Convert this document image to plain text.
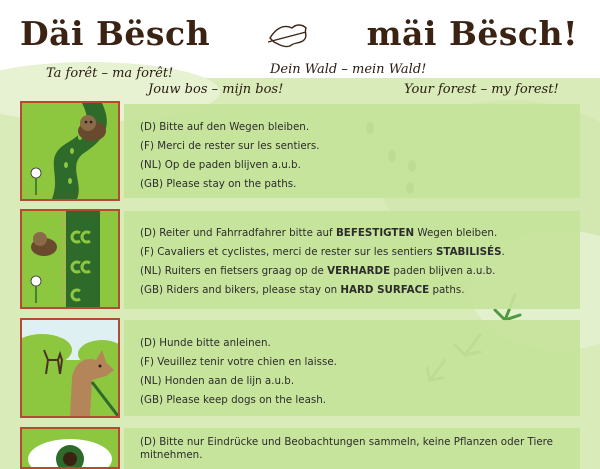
Däi Bësch	mäi Bësch!
Ta forêt – ma forêt!	Dein Wald – mein Wald!
Jouw bos – mijn bos!	Your forest – my forest!
(D) Bitte auf den Wegen bleiben.
(F) Merci de rester sur les sentiers.
(NL) Op de paden blijven a.u.b.
(GB) Please stay on the paths.
(D) Reiter und Fahrradfahrer bitte auf BEFESTIGTEN Wegen bleiben.
(F) Cavaliers et cyclistes, merci de rester sur les sentiers STABILISÉS.
(NL) Ruiters en fietsers graag op de VERHARDE paden blijven a.u.b.
(GB) Riders and bikers, please stay on HARD SURFACE paths.
(D) Hunde bitte anleinen.
(F) Veuillez tenir votre chien en laisse.
(NL) Honden aan de lijn a.u.b.
(GB) Please keep dogs on the leash.
(D) Bitte nur Eindrücke und Beobachtungen sammeln, keine Pflanzen oder Tiere mitnehmen.
